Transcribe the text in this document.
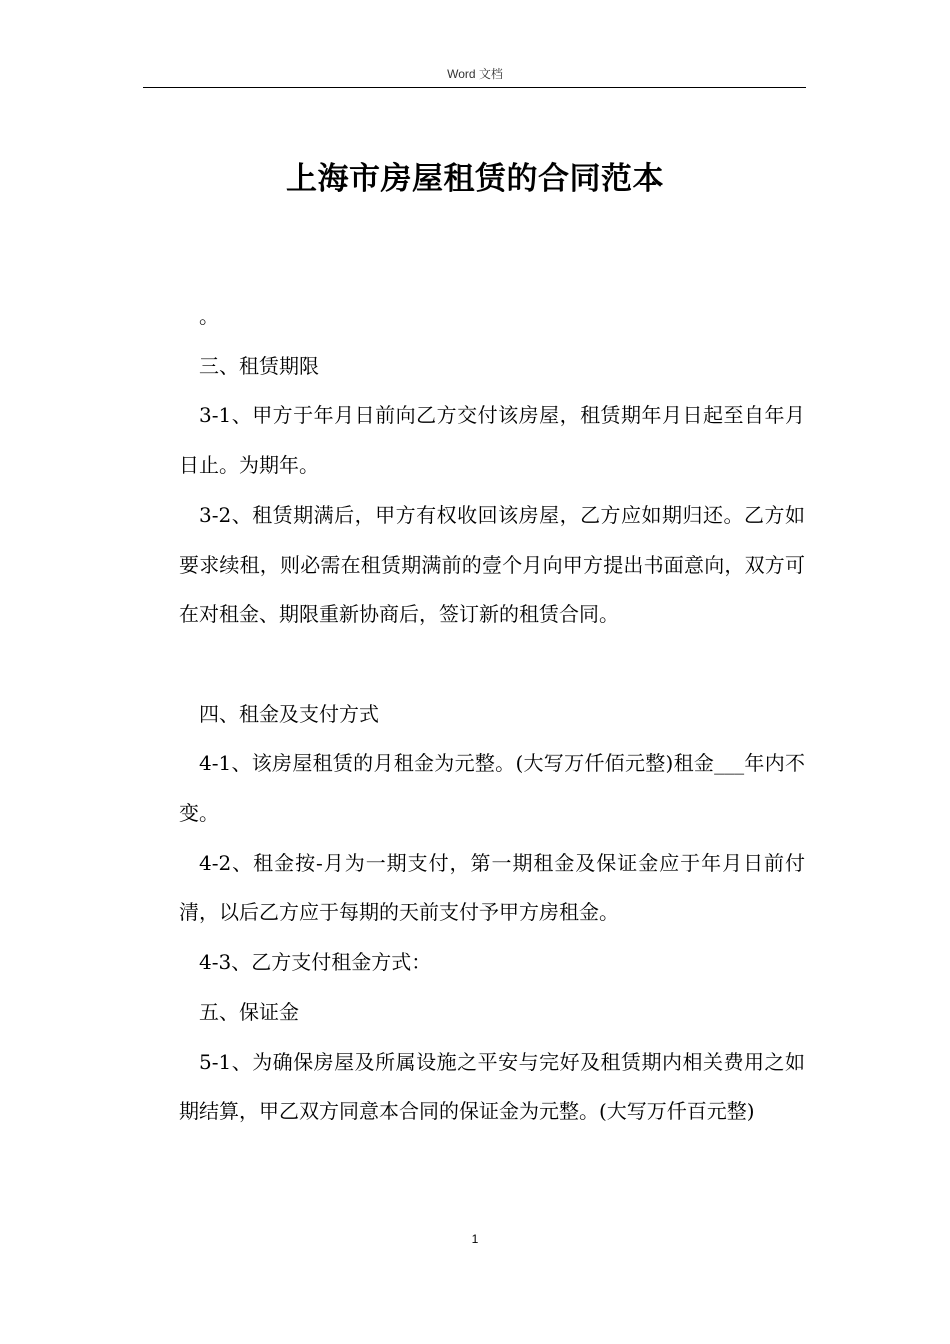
Word 文档
上海市房屋租赁的合同范本

。

三、租赁期限

3-1、甲方于年月日前向乙方交付该房屋，租赁期年月日起至自年月日止。为期年。

3-2、租赁期满后，甲方有权收回该房屋，乙方应如期归还。乙方如要求续租，则必需在租赁期满前的壹个月向甲方提出书面意向，双方可在对租金、期限重新协商后，签订新的租赁合同。

四、租金及支付方式

4-1、该房屋租赁的月租金为元整。(大写万仟佰元整)租金___年内不变。

4-2、租金按-月为一期支付，第一期租金及保证金应于年月日前付清，以后乙方应于每期的天前支付予甲方房租金。

4-3、乙方支付租金方式：

五、保证金

5-1、为确保房屋及所属设施之平安与完好及租赁期内相关费用之如期结算，甲乙双方同意本合同的保证金为元整。(大写万仟百元整)

1
